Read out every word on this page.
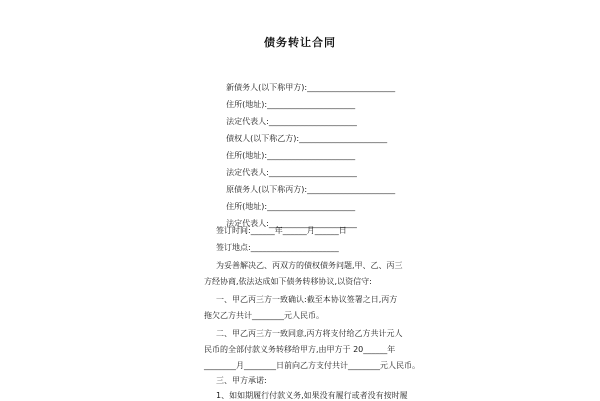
债务转让合同

新债务人(以下称甲方):______________________

住所(地址):______________________

法定代表人:______________________

债权人(以下称乙方):______________________

住所(地址):______________________

法定代表人:______________________

原债务人(以下称丙方):______________________

住所(地址):______________________

法定代表人:______________________

签订时间:______年______月______日
签订地点:______________________
为妥善解决乙、丙双方的债权债务问题,甲、乙、丙三
方经协商,依法达成如下债务转移协议,以资信守:
一、甲乙丙三方一致确认:截至本协议签署之日,丙方
拖欠乙方共计________元人民币。
二、甲乙丙三方一致同意,丙方将支付给乙方共计元人
民币的全部付款义务转移给甲方,由甲方于 20______年
________月________日前向乙方支付共计________元人民币。
三、甲方承诺:
1、如如期履行付款义务,如果没有履行或者没有按时履
